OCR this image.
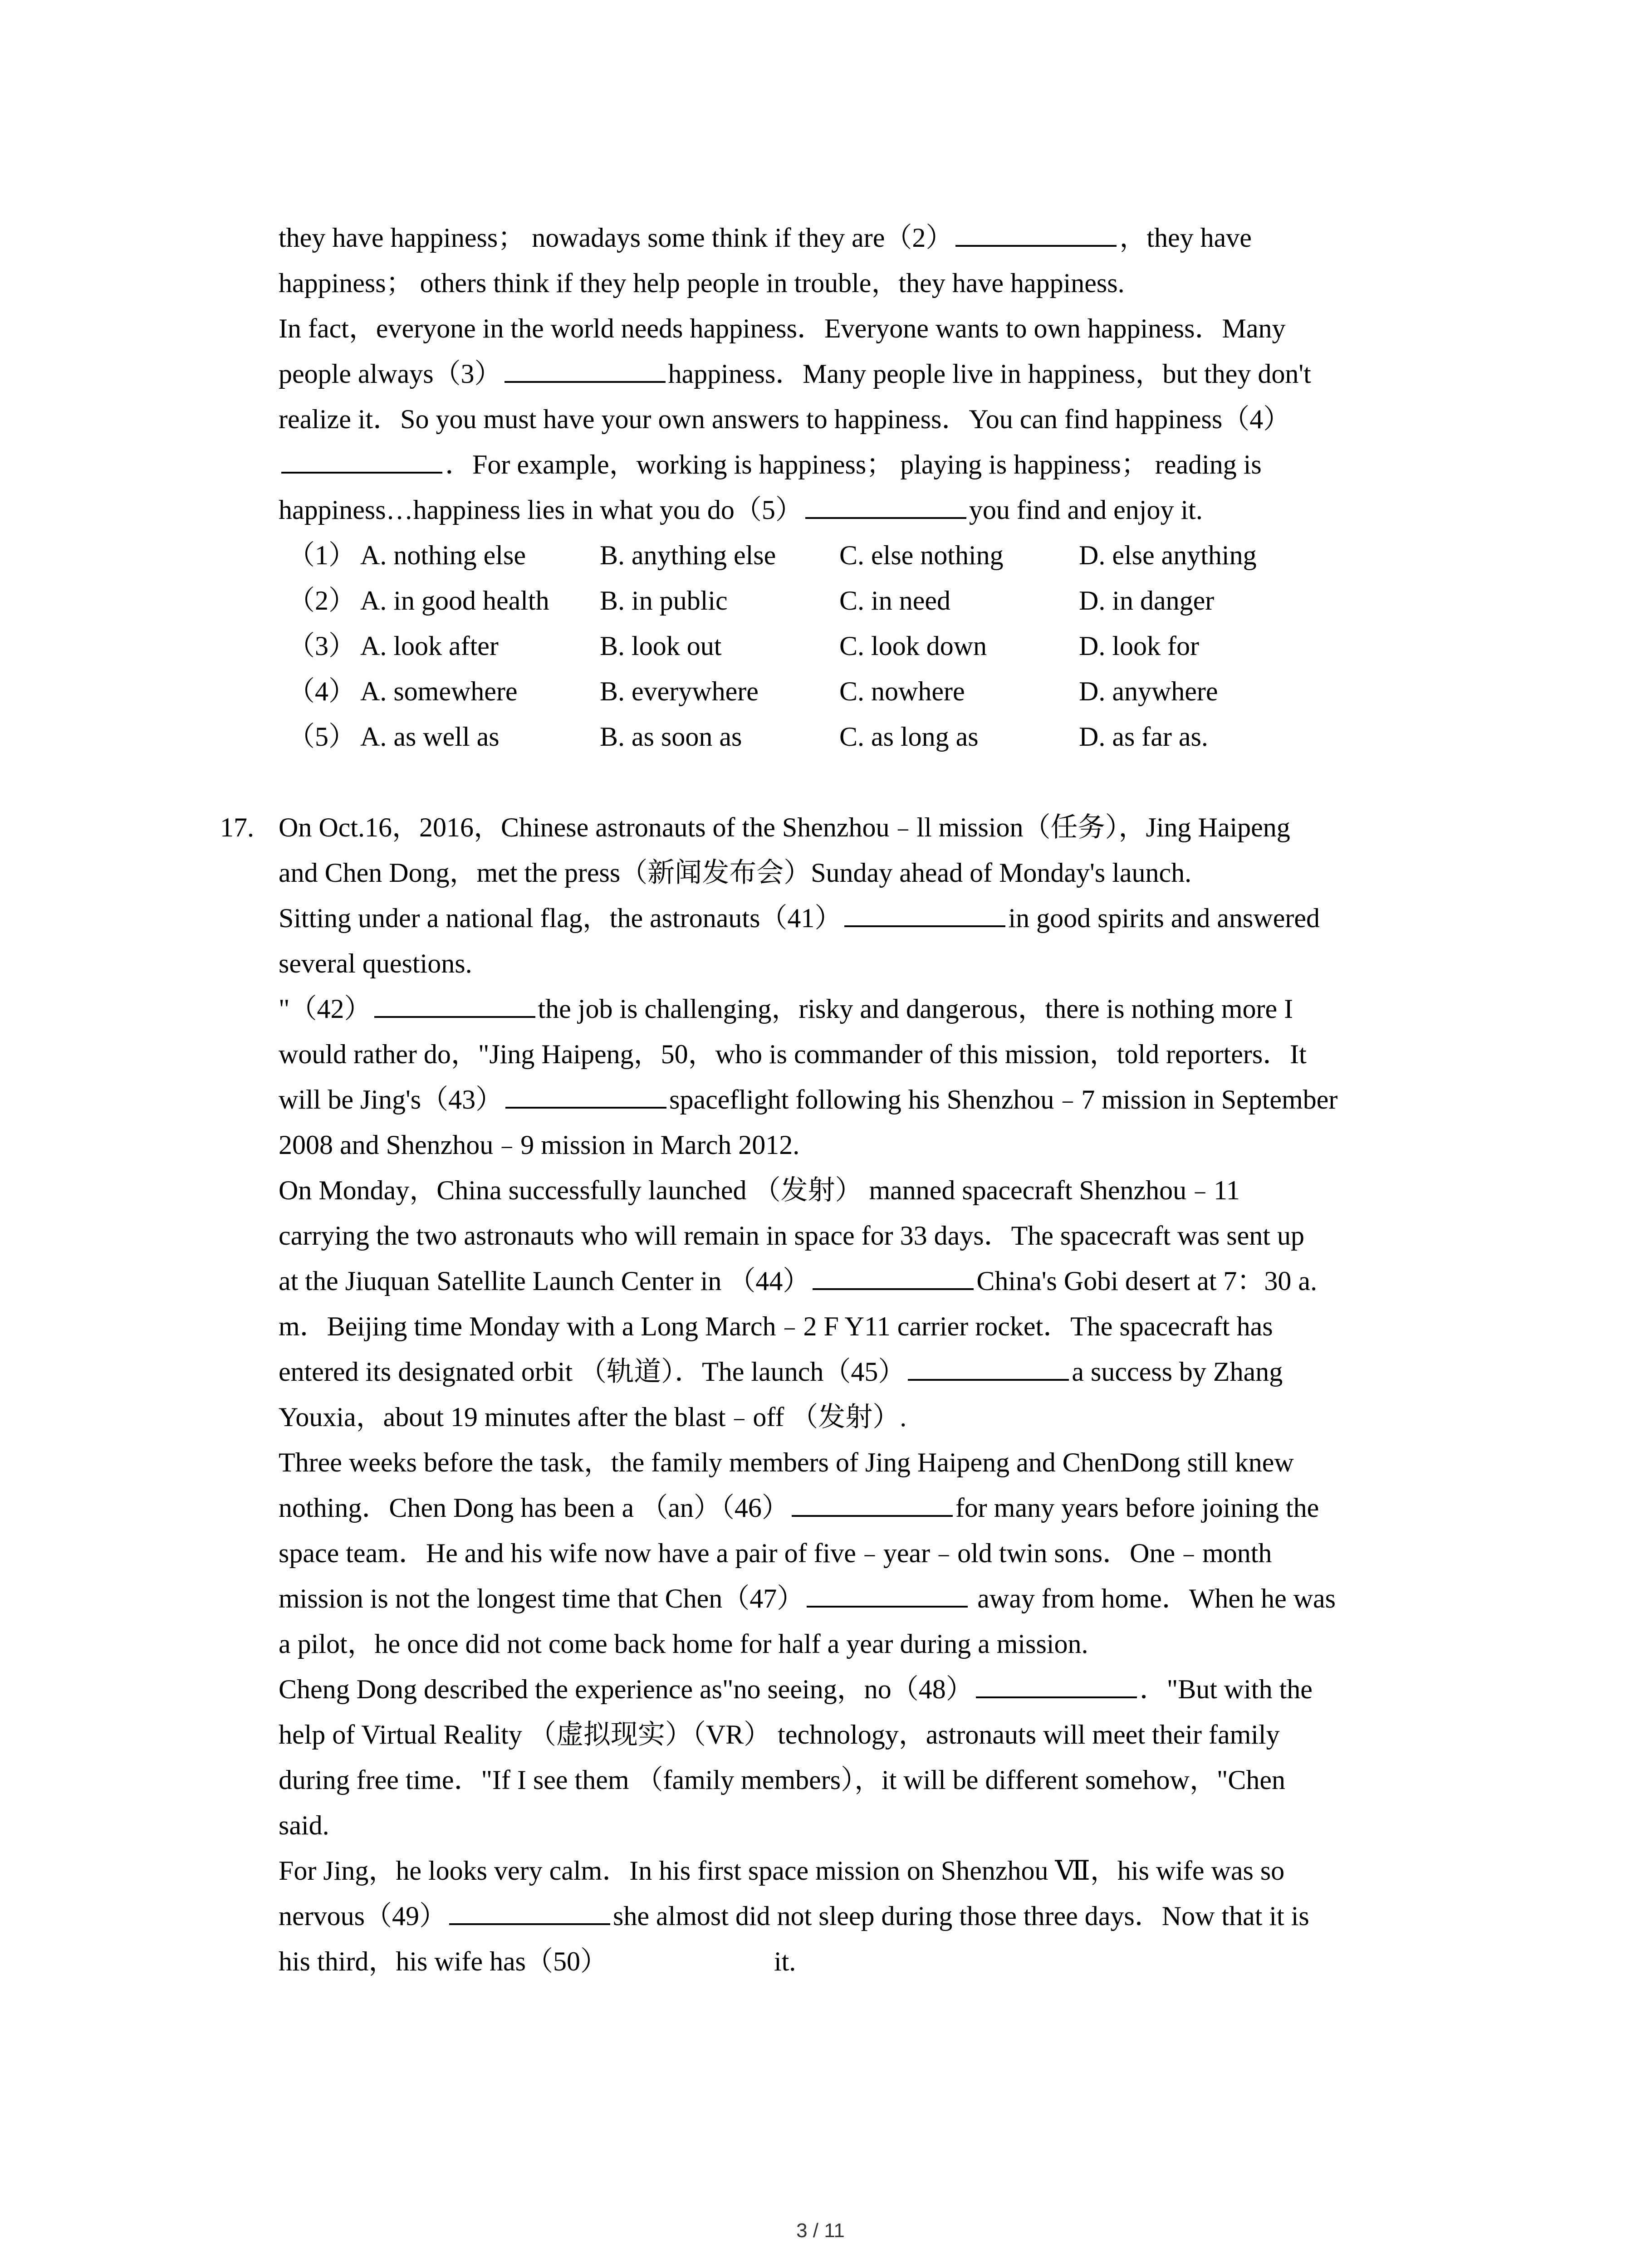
they have happiness； nowadays some think if they are（2）	，they have
happiness； others think if they help people in trouble，they have happiness.
In fact，everyone in the world needs happiness．Everyone wants to own happiness．Many
people always（3）	happiness．Many people live in happiness，but they don't
realize it．So you must have your own answers to happiness．You can find happiness（4）
．For example，working is happiness； playing is happiness； reading is
happiness…happiness lies in what you do（5）	you find and enjoy it.
（1） A. nothing else	B. anything else	C. else nothing	D. else anything
（2） A. in good health	B. in public	C. in need	D. in danger
（3） A. look after	B. look out	C. look down	D. look for
（4） A. somewhere	B. everywhere	C. nowhere	D. anywhere
（5） A. as well as	B. as soon as	C. as long as	D. as far as.
17. On Oct.16，2016，Chinese astronauts of the Shenzhou﹣ll mission（任务），Jing Haipeng
and Chen Dong，met the press（新闻发布会）Sunday ahead of Monday's launch.
Sitting under a national flag，the astronauts（41）	in good spirits and answered
several questions.
"（42）	the job is challenging，risky and dangerous，there is nothing more I
would rather do，"Jing Haipeng，50，who is commander of this mission，told reporters．It
will be Jing's（43）	spaceflight following his Shenzhou﹣7 mission in September
2008 and Shenzhou﹣9 mission in March 2012.
On Monday，China successfully launched （发射） manned spacecraft Shenzhou﹣11
carrying the two astronauts who will remain in space for 33 days．The spacecraft was sent up
at the Jiuquan Satellite Launch Center in （44）	China's Gobi desert at 7：30 a.
m．Beijing time Monday with a Long March﹣2 F Y11 carrier rocket．The spacecraft has
entered its designated orbit （轨道）．The launch（45）	a success by Zhang
Youxia，about 19 minutes after the blast﹣off （发射）.
Three weeks before the task，the family members of Jing Haipeng and ChenDong still knew
nothing．Chen Dong has been a （an）（46）	for many years before joining the
space team．He and his wife now have a pair of five﹣year﹣old twin sons．One﹣month
mission is not the longest time that Chen（47）	away from home．When he was
a pilot，he once did not come back home for half a year during a mission.
Cheng Dong described the experience as"no seeing，no（48）	．"But with the
help of Virtual Reality （虚拟现实）（VR） technology，astronauts will meet their family
during free time．"If I see them （family members），it will be different somehow，"Chen
said.
For Jing，he looks very calm．In his first space mission on Shenzhou Ⅶ，his wife was so
nervous（49）	she almost did not sleep during those three days．Now that it is
his third，his wife has（50）	it.
3 / 11
